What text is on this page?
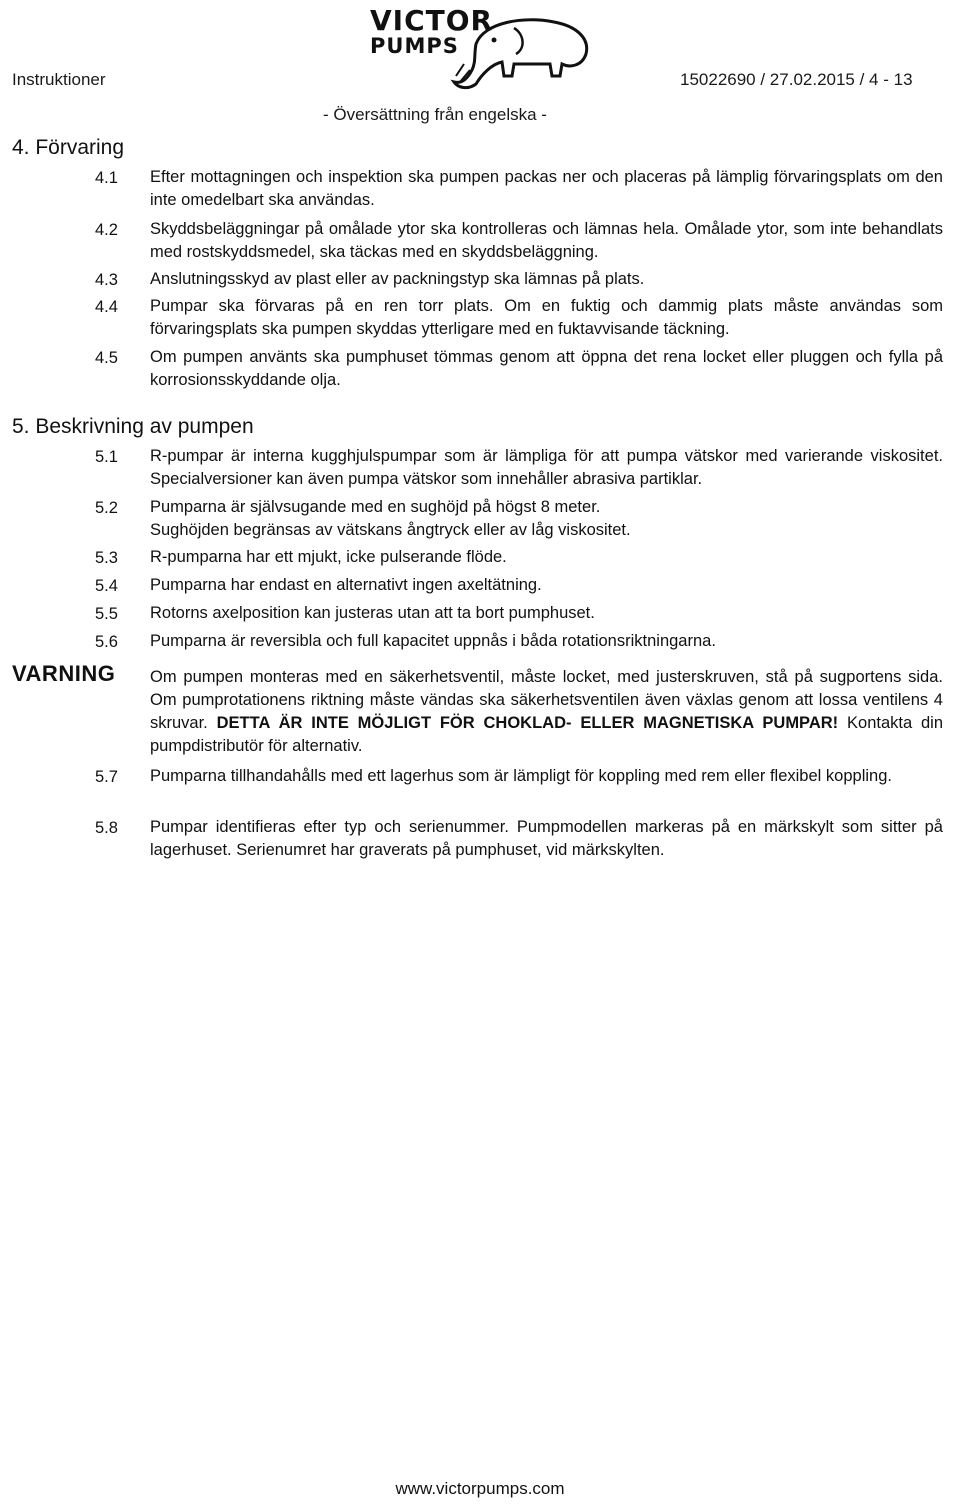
Instruktioner	15022690 / 27.02.2015 / 4 - 13
VICTOR
PUMPS
- Översättning från engelska -
4. Förvaring
4.1 Efter mottagningen och inspektion ska pumpen packas ner och placeras på lämplig förvaringsplats om den inte omedelbart ska användas.
4.2 Skyddsbeläggningar på omålade ytor ska kontrolleras och lämnas hela. Omålade ytor, som inte behandlats med rostskyddsmedel, ska täckas med en skyddsbeläggning.
4.3 Anslutningsskyd av plast eller av packningstyp ska lämnas på plats.
4.4 Pumpar ska förvaras på en ren torr plats. Om en fuktig och dammig plats måste användas som förvaringsplats ska pumpen skyddas ytterligare med en fuktavvisande täckning.
4.5 Om pumpen använts ska pumphuset tömmas genom att öppna det rena locket eller pluggen och fylla på korrosionsskyddande olja.
5. Beskrivning av pumpen
5.1 R-pumpar är interna kugghjulspumpar som är lämpliga för att pumpa vätskor med varierande viskositet. Specialversioner kan även pumpa vätskor som innehåller abrasiva partiklar.
5.2 Pumparna är självsugande med en sughöjd på högst 8 meter.
Sughöjden begränsas av vätskans ångtryck eller av låg viskositet.
5.3 R-pumparna har ett mjukt, icke pulserande flöde.
5.4 Pumparna har endast en alternativt ingen axeltätning.
5.5 Rotorns axelposition kan justeras utan att ta bort pumphuset.
5.6 Pumparna är reversibla och full kapacitet uppnås i båda rotationsriktningarna.
VARNING Om pumpen monteras med en säkerhetsventil, måste locket, med justerskruven, stå på sugportens sida. Om pumprotationens riktning måste vändas ska säkerhetsventilen även växlas genom att lossa ventilens 4 skruvar. DETTA ÄR INTE MÖJLIGT FÖR CHOKLAD- ELLER MAGNETISKA PUMPAR! Kontakta din pumpdistributör för alternativ.
5.7 Pumparna tillhandahålls med ett lagerhus som är lämpligt för koppling med rem eller flexibel koppling.
5.8 Pumpar identifieras efter typ och serienummer. Pumpmodellen markeras på en märkskylt som sitter på lagerhuset. Serienumret har graverats på pumphuset, vid märkskylten.
www.victorpumps.com
